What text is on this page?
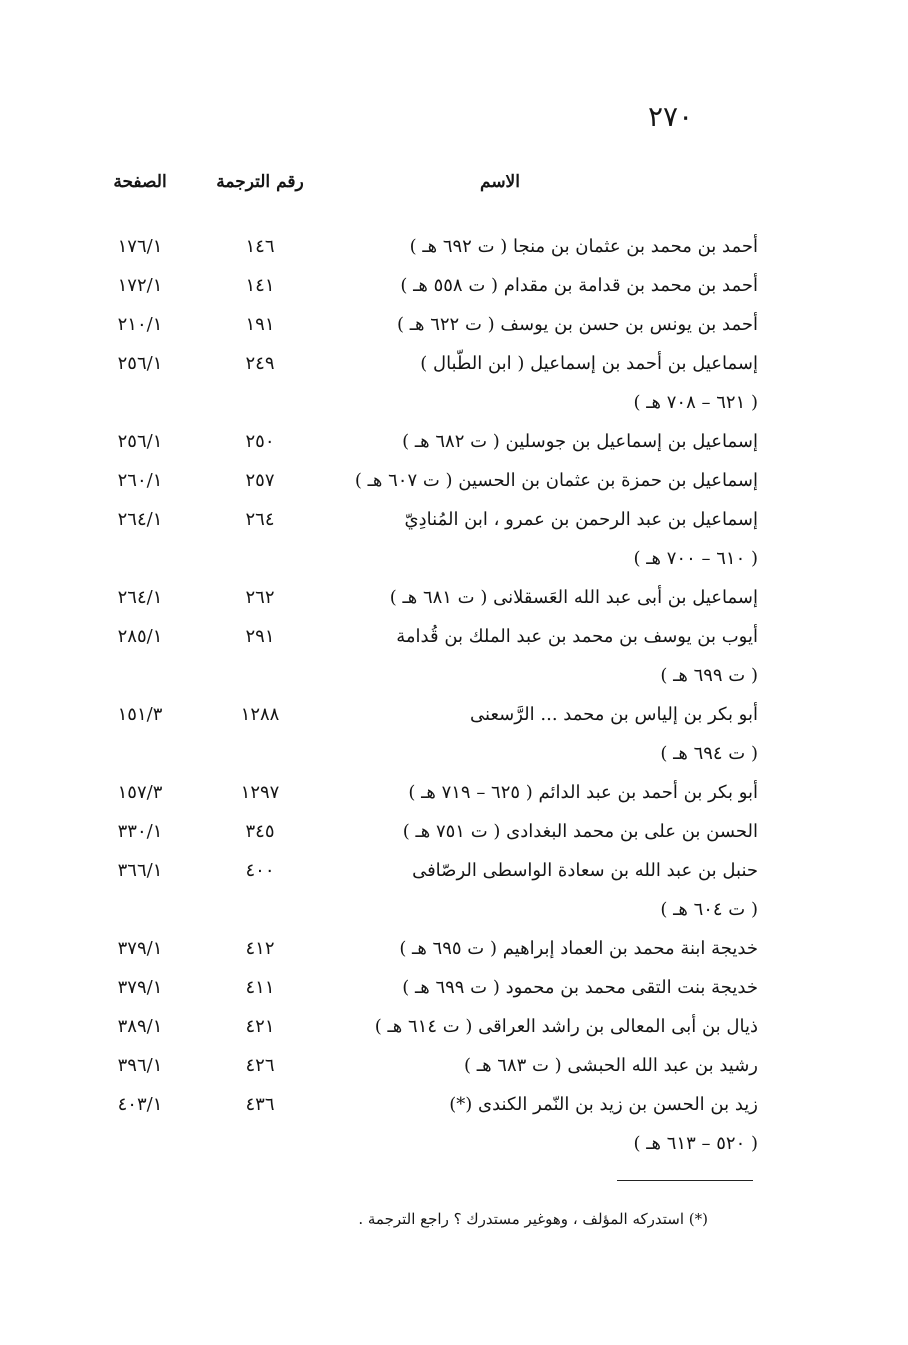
٢٧٠
الاسم
رقم الترجمة
الصفحة
أحمد بن محمد بن عثمان بن منجا ( ت ٦٩٢ هـ )
١٤٦
١٧٦/١
أحمد بن محمد بن قدامة بن مقدام ( ت ٥٥٨ هـ )
١٤١
١٧٢/١
أحمد بن يونس بن حسن بن يوسف ( ت ٦٢٢ هـ )
١٩١
٢١٠/١
إسماعيل بن أحمد بن إسماعيل ( ابن الطّبال )
٢٤٩
٢٥٦/١
( ٦٢١ – ٧٠٨ هـ )
إسماعيل بن إسماعيل بن جوسلين ( ت ٦٨٢ هـ )
٢٥٠
٢٥٦/١
إسماعيل بن حمزة بن عثمان بن الحسين ( ت ٦٠٧ هـ )
٢٥٧
٢٦٠/١
إسماعيل بن عبد الرحمن بن عمرو ، ابن المُنادِيّ
٢٦٤
٢٦٤/١
( ٦١٠ – ٧٠٠ هـ )
إسماعيل بن أبى عبد الله العَسقلانى ( ت ٦٨١ هـ )
٢٦٢
٢٦٤/١
أيوب بن يوسف بن محمد بن عبد الملك بن قُدامة
٢٩١
٢٨٥/١
( ت ٦٩٩ هـ )
أبو بكر بن إلياس بن محمد ... الرَّسعنى
١٢٨٨
١٥١/٣
( ت ٦٩٤ هـ )
أبو بكر بن أحمد بن عبد الدائم ( ٦٢٥ – ٧١٩ هـ )
١٢٩٧
١٥٧/٣
الحسن بن على بن محمد البغدادى ( ت ٧٥١ هـ )
٣٤٥
٣٣٠/١
حنبل بن عبد الله بن سعادة الواسطى الرصّافى
٤٠٠
٣٦٦/١
( ت ٦٠٤ هـ )
خديجة ابنة محمد بن العماد إبراهيم ( ت ٦٩٥ هـ )
٤١٢
٣٧٩/١
خديجة بنت التقى محمد بن محمود ( ت ٦٩٩ هـ )
٤١١
٣٧٩/١
ذيال بن أبى المعالى بن راشد العراقى ( ت ٦١٤ هـ )
٤٢١
٣٨٩/١
رشيد بن عبد الله الحبشى ( ت ٦٨٣ هـ )
٤٢٦
٣٩٦/١
زيد بن الحسن بن زيد بن النّمر الكندى (*)
٤٣٦
٤٠٣/١
( ٥٢٠ – ٦١٣ هـ )
(*) استدركه المؤلف ، وهوغير مستدرك ؟ راجع الترجمة .
